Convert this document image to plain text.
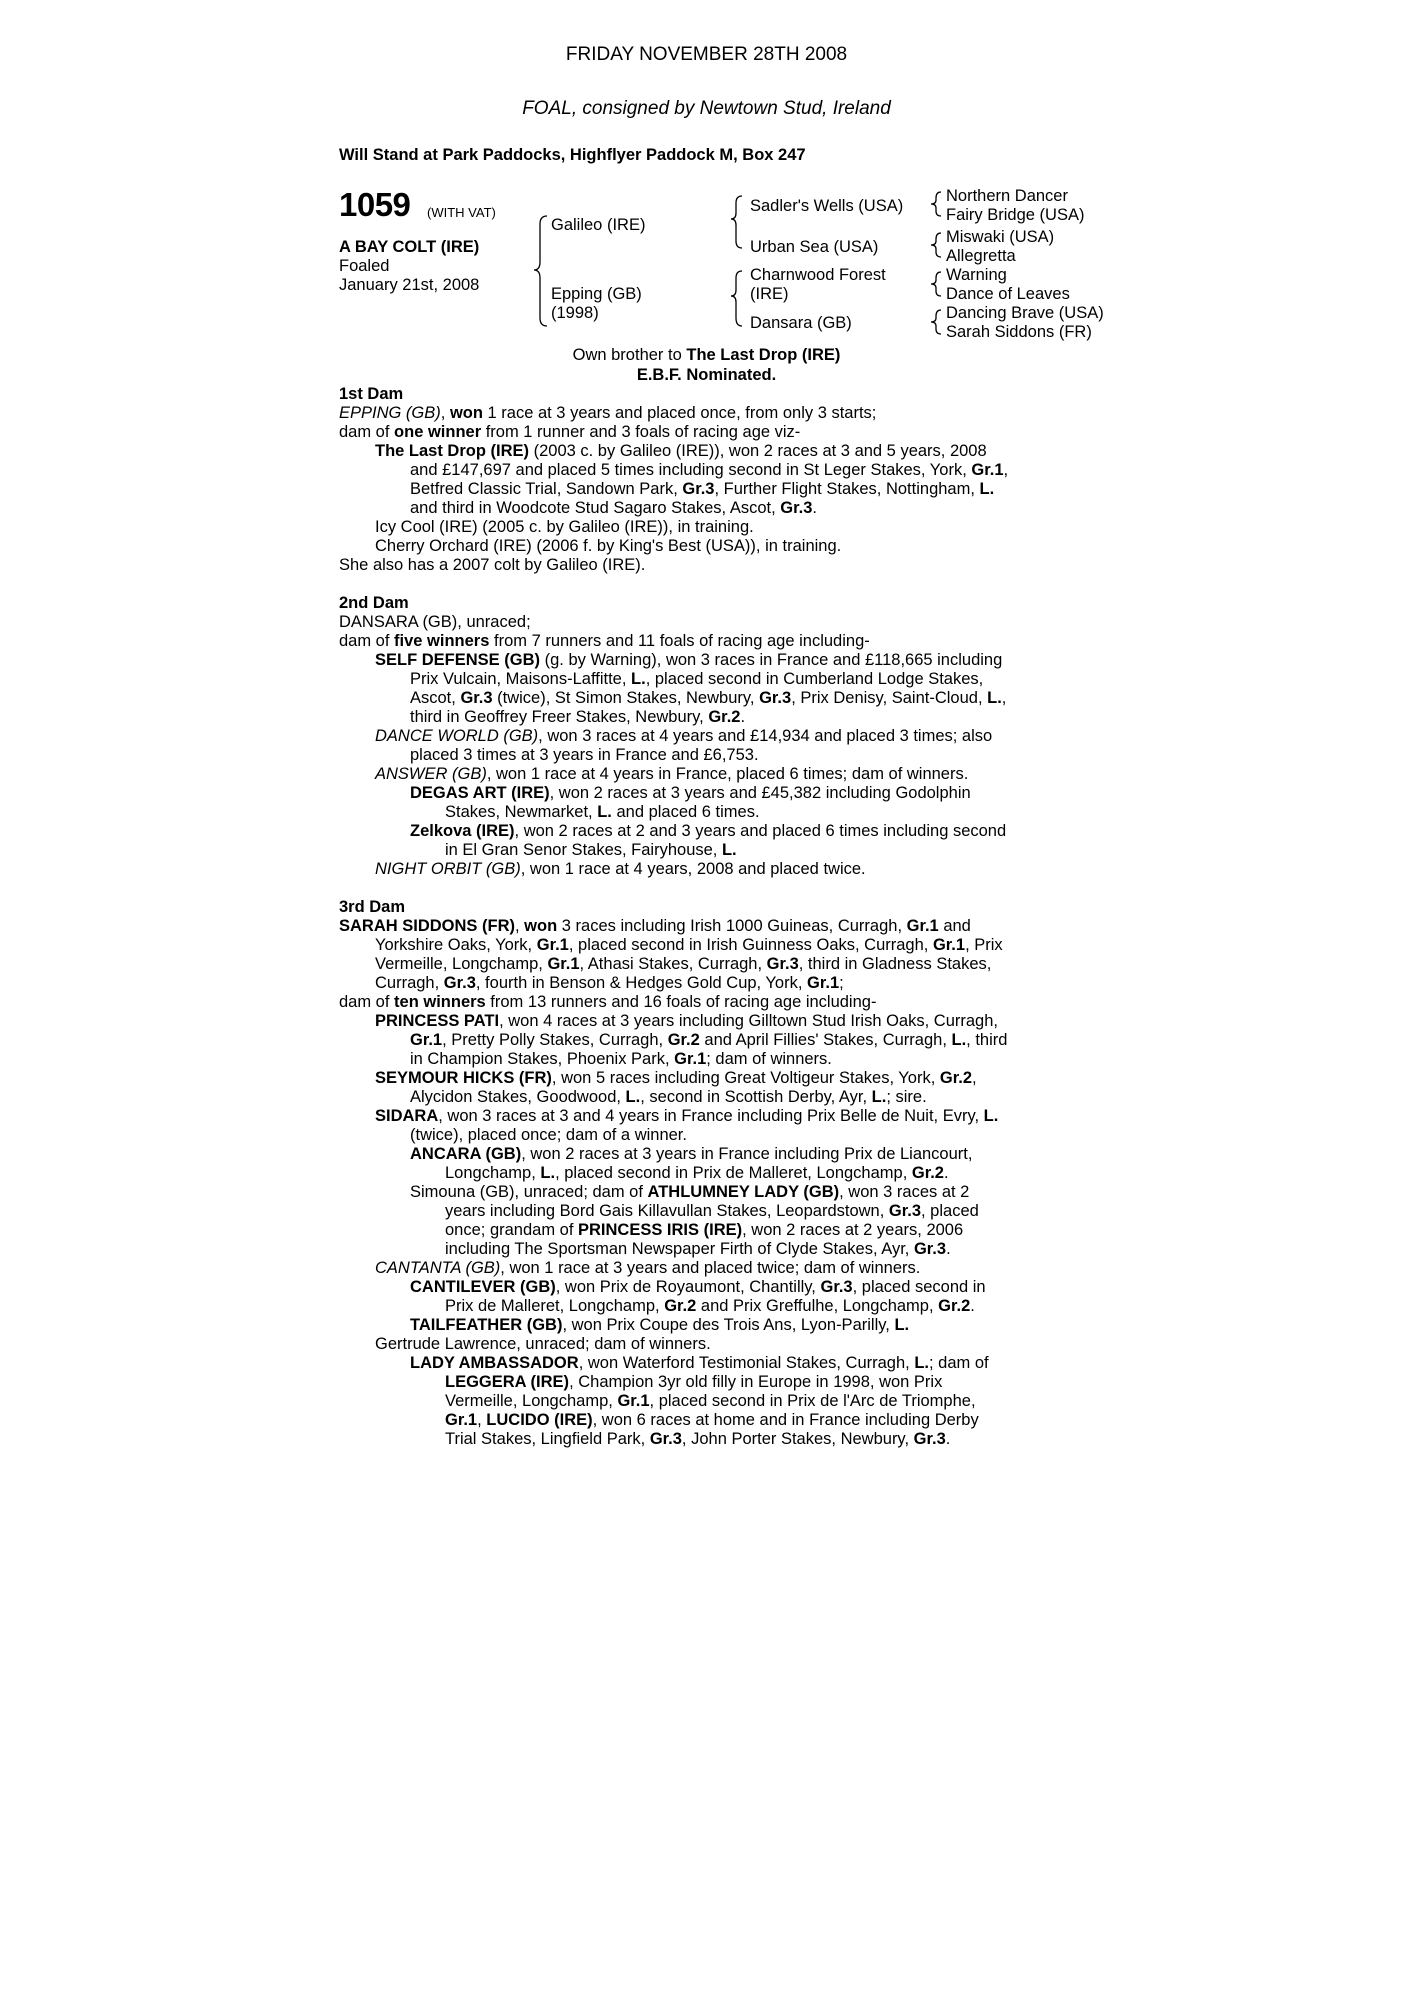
FRIDAY NOVEMBER 28TH 2008
FOAL, consigned by Newtown Stud, Ireland
Will Stand at Park Paddocks, Highflyer Paddock M, Box 247
1059 (WITH VAT)
A BAY COLT (IRE)
Foaled
January 21st, 2008
Galileo (IRE)
Epping (GB)
(1998)
Sadler's Wells (USA)
Urban Sea (USA)
Charnwood Forest
(IRE)
Dansara (GB)
Northern Dancer
Fairy Bridge (USA)
Miswaki (USA)
Allegretta
Warning
Dance of Leaves
Dancing Brave (USA)
Sarah Siddons (FR)
Own brother to The Last Drop (IRE)
E.B.F. Nominated.
1st Dam
EPPING (GB), won 1 race at 3 years and placed once, from only 3 starts;
dam of one winner from 1 runner and 3 foals of racing age viz-
The Last Drop (IRE) (2003 c. by Galileo (IRE)), won 2 races at 3 and 5 years, 2008
and £147,697 and placed 5 times including second in St Leger Stakes, York, Gr.1,
Betfred Classic Trial, Sandown Park, Gr.3, Further Flight Stakes, Nottingham, L.
and third in Woodcote Stud Sagaro Stakes, Ascot, Gr.3.
Icy Cool (IRE) (2005 c. by Galileo (IRE)), in training.
Cherry Orchard (IRE) (2006 f. by King's Best (USA)), in training.
She also has a 2007 colt by Galileo (IRE).
2nd Dam
DANSARA (GB), unraced;
dam of five winners from 7 runners and 11 foals of racing age including-
SELF DEFENSE (GB) (g. by Warning), won 3 races in France and £118,665 including
Prix Vulcain, Maisons-Laffitte, L., placed second in Cumberland Lodge Stakes,
Ascot, Gr.3 (twice), St Simon Stakes, Newbury, Gr.3, Prix Denisy, Saint-Cloud, L.,
third in Geoffrey Freer Stakes, Newbury, Gr.2.
DANCE WORLD (GB), won 3 races at 4 years and £14,934 and placed 3 times; also
placed 3 times at 3 years in France and £6,753.
ANSWER (GB), won 1 race at 4 years in France, placed 6 times; dam of winners.
DEGAS ART (IRE), won 2 races at 3 years and £45,382 including Godolphin
Stakes, Newmarket, L. and placed 6 times.
Zelkova (IRE), won 2 races at 2 and 3 years and placed 6 times including second
in El Gran Senor Stakes, Fairyhouse, L.
NIGHT ORBIT (GB), won 1 race at 4 years, 2008 and placed twice.
3rd Dam
SARAH SIDDONS (FR), won 3 races including Irish 1000 Guineas, Curragh, Gr.1 and
Yorkshire Oaks, York, Gr.1, placed second in Irish Guinness Oaks, Curragh, Gr.1, Prix
Vermeille, Longchamp, Gr.1, Athasi Stakes, Curragh, Gr.3, third in Gladness Stakes,
Curragh, Gr.3, fourth in Benson & Hedges Gold Cup, York, Gr.1;
dam of ten winners from 13 runners and 16 foals of racing age including-
PRINCESS PATI, won 4 races at 3 years including Gilltown Stud Irish Oaks, Curragh,
Gr.1, Pretty Polly Stakes, Curragh, Gr.2 and April Fillies' Stakes, Curragh, L., third
in Champion Stakes, Phoenix Park, Gr.1; dam of winners.
SEYMOUR HICKS (FR), won 5 races including Great Voltigeur Stakes, York, Gr.2,
Alycidon Stakes, Goodwood, L., second in Scottish Derby, Ayr, L.; sire.
SIDARA, won 3 races at 3 and 4 years in France including Prix Belle de Nuit, Evry, L.
(twice), placed once; dam of a winner.
ANCARA (GB), won 2 races at 3 years in France including Prix de Liancourt,
Longchamp, L., placed second in Prix de Malleret, Longchamp, Gr.2.
Simouna (GB), unraced; dam of ATHLUMNEY LADY (GB), won 3 races at 2
years including Bord Gais Killavullan Stakes, Leopardstown, Gr.3, placed
once; grandam of PRINCESS IRIS (IRE), won 2 races at 2 years, 2006
including The Sportsman Newspaper Firth of Clyde Stakes, Ayr, Gr.3.
CANTANTA (GB), won 1 race at 3 years and placed twice; dam of winners.
CANTILEVER (GB), won Prix de Royaumont, Chantilly, Gr.3, placed second in
Prix de Malleret, Longchamp, Gr.2 and Prix Greffulhe, Longchamp, Gr.2.
TAILFEATHER (GB), won Prix Coupe des Trois Ans, Lyon-Parilly, L.
Gertrude Lawrence, unraced; dam of winners.
LADY AMBASSADOR, won Waterford Testimonial Stakes, Curragh, L.; dam of
LEGGERA (IRE), Champion 3yr old filly in Europe in 1998, won Prix
Vermeille, Longchamp, Gr.1, placed second in Prix de l'Arc de Triomphe,
Gr.1, LUCIDO (IRE), won 6 races at home and in France including Derby
Trial Stakes, Lingfield Park, Gr.3, John Porter Stakes, Newbury, Gr.3.
